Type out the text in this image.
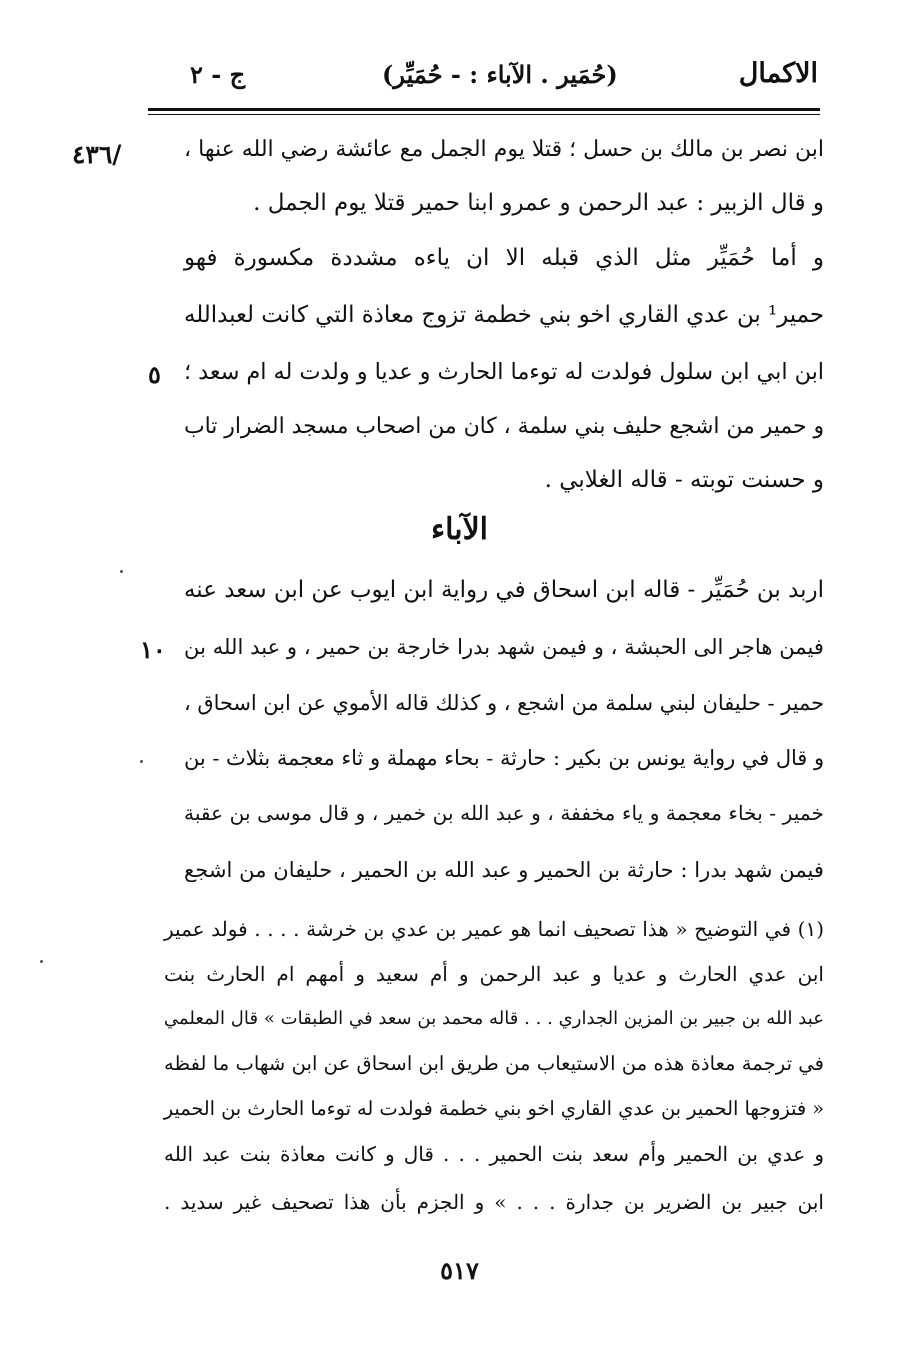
الاكمال
(حُمَير . الآباء : - حُمَيِّر)
ج - ٢
٤٣٦/
٥
١٠
ابن نصر بن مالك بن حسل ؛ قتلا يوم الجمل مع عائشة رضي الله عنها ،
و قال الزبير : عبد الرحمن و عمرو ابنا حمير قتلا يوم الجمل .
و أما حُمَيِّر مثل الذي قبله الا ان ياءه مشددة مكسورة فهو
حمير¹ بن عدي القاري اخو بني خطمة تزوج معاذة التي كانت لعبدالله
ابن ابي ابن سلول فولدت له توءما الحارث و عديا و ولدت له ام سعد ؛
و حمير من اشجع حليف بني سلمة ، كان من اصحاب مسجد الضرار تاب
و حسنت توبته - قاله الغلابي .
الآباء
اربد بن حُمَيِّر - قاله ابن اسحاق في رواية ابن ايوب عن ابن سعد عنه
فيمن هاجر الى الحبشة ، و فيمن شهد بدرا خارجة بن حمير ، و عبد الله بن
حمير - حليفان لبني سلمة من اشجع ، و كذلك قاله الأموي عن ابن اسحاق ،
و قال في رواية يونس بن بكير : حارثة - بحاء مهملة و ثاء معجمة بثلاث - بن
خمير - بخاء معجمة و ياء مخففة ، و عبد الله بن خمير ، و قال موسى بن عقبة
فيمن شهد بدرا : حارثة بن الحمير و عبد الله بن الحمير ، حليفان من اشجع
(١) في التوضيح « هذا تصحيف انما هو عمير بن عدي بن خرشة . . . . فولد عمير
ابن عدي الحارث و عديا و عبد الرحمن و أم سعيد و أمهم ام الحارث بنت
عبد الله بن جبير بن المزين الجداري . . . قاله محمد بن سعد في الطبقات » قال المعلمي
في ترجمة معاذة هذه من الاستيعاب من طريق ابن اسحاق عن ابن شهاب ما لفظه
« فتزوجها الحمير بن عدي القاري اخو بني خطمة فولدت له توءما الحارث بن الحمير
و عدي بن الحمير وأم سعد بنت الحمير . . . قال و كانت معاذة بنت عبد الله
ابن جبير بن الضرير بن جدارة . . . » و الجزم بأن هذا تصحيف غير سديد .
٥١٧
